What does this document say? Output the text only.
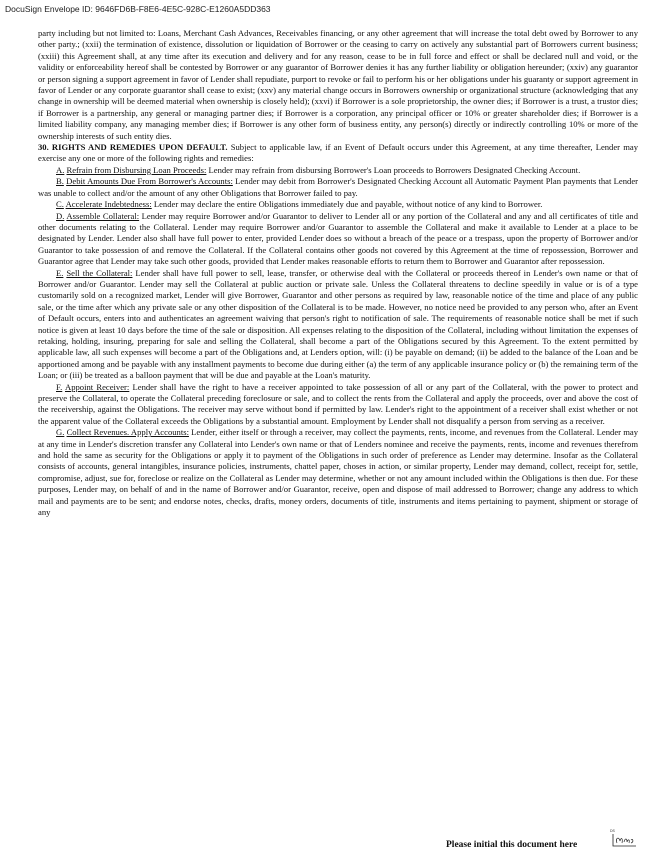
DocuSign Envelope ID: 9646FD6B-F8E6-4E5C-928C-E1260A5DD363

party including but not limited to: Loans, Merchant Cash Advances, Receivables financing, or any other agreement that will increase the total debt owed by Borrower to any other party.; (xxii) the termination of existence, dissolution or liquidation of Borrower or the ceasing to carry on actively any substantial part of Borrowers current business; (xxiii) this Agreement shall, at any time after its execution and delivery and for any reason, cease to be in full force and effect or shall be declared null and void, or the validity or enforceability hereof shall be contested by Borrower or any guarantor of Borrower denies it has any further liability or obligation hereunder; (xxiv) any guarantor or person signing a support agreement in favor of Lender shall repudiate, purport to revoke or fail to perform his or her obligations under his guaranty or support agreement in favor of Lender or any corporate guarantor shall cease to exist; (xxv) any material change occurs in Borrowers ownership or organizational structure (acknowledging that any change in ownership will be deemed material when ownership is closely held); (xxvi) if Borrower is a sole proprietorship, the owner dies; if Borrower is a trust, a trustor dies; if Borrower is a partnership, any general or managing partner dies; if Borrower is a corporation, any principal officer or 10% or greater shareholder dies; if Borrower is a limited liability company, any managing member dies; if Borrower is any other form of business entity, any person(s) directly or indirectly controlling 10% or more of the ownership interests of such entity dies.

30. RIGHTS AND REMEDIES UPON DEFAULT. Subject to applicable law, if an Event of Default occurs under this Agreement, at any time thereafter, Lender may exercise any one or more of the following rights and remedies:

A. Refrain from Disbursing Loan Proceeds: Lender may refrain from disbursing Borrower's Loan proceeds to Borrowers Designated Checking Account.

B. Debit Amounts Due From Borrower's Accounts: Lender may debit from Borrower's Designated Checking Account all Automatic Payment Plan payments that Lender was unable to collect and/or the amount of any other Obligations that Borrower failed to pay.

C. Accelerate Indebtedness: Lender may declare the entire Obligations immediately due and payable, without notice of any kind to Borrower.

D. Assemble Collateral: Lender may require Borrower and/or Guarantor to deliver to Lender all or any portion of the Collateral and any and all certificates of title and other documents relating to the Collateral. Lender may require Borrower and/or Guarantor to assemble the Collateral and make it available to Lender at a place to be designated by Lender. Lender also shall have full power to enter, provided Lender does so without a breach of the peace or a trespass, upon the property of Borrower and/or Guarantor to take possession of and remove the Collateral. If the Collateral contains other goods not covered by this Agreement at the time of repossession, Borrower and Guarantor agree that Lender may take such other goods, provided that Lender makes reasonable efforts to return them to Borrower and Guarantor after repossession.

E. Sell the Collateral: Lender shall have full power to sell, lease, transfer, or otherwise deal with the Collateral or proceeds thereof in Lender's own name or that of Borrower and/or Guarantor. Lender may sell the Collateral at public auction or private sale. Unless the Collateral threatens to decline speedily in value or is of a type customarily sold on a recognized market, Lender will give Borrower, Guarantor and other persons as required by law, reasonable notice of the time and place of any public sale, or the time after which any private sale or any other disposition of the Collateral is to be made. However, no notice need be provided to any person who, after an Event of Default occurs, enters into and authenticates an agreement waiving that person's right to notification of sale. The requirements of reasonable notice shall be met if such notice is given at least 10 days before the time of the sale or disposition. All expenses relating to the disposition of the Collateral, including without limitation the expenses of retaking, holding, insuring, preparing for sale and selling the Collateral, shall become a part of the Obligations secured by this Agreement. To the extent permitted by applicable law, all such expenses will become a part of the Obligations and, at Lenders option, will: (i) be payable on demand; (ii) be added to the balance of the Loan and be apportioned among and be payable with any installment payments to become due during either (a) the term of any applicable insurance policy or (b) the remaining term of the Loan; or (iii) be treated as a balloon payment that will be due and payable at the Loan's maturity.

F. Appoint Receiver: Lender shall have the right to have a receiver appointed to take possession of all or any part of the Collateral, with the power to protect and preserve the Collateral, to operate the Collateral preceding foreclosure or sale, and to collect the rents from the Collateral and apply the proceeds, over and above the cost of the receivership, against the Obligations. The receiver may serve without bond if permitted by law. Lender's right to the appointment of a receiver shall exist whether or not the apparent value of the Collateral exceeds the Obligations by a substantial amount. Employment by Lender shall not disqualify a person from serving as a receiver.

G. Collect Revenues. Apply Accounts: Lender, either itself or through a receiver, may collect the payments, rents, income, and revenues from the Collateral. Lender may at any time in Lender's discretion transfer any Collateral into Lender's own name or that of Lenders nominee and receive the payments, rents, income and revenues therefrom and hold the same as security for the Obligations or apply it to payment of the Obligations in such order of preference as Lender may determine. Insofar as the Collateral consists of accounts, general intangibles, insurance policies, instruments, chattel paper, choses in action, or similar property, Lender may demand, collect, receipt for, settle, compromise, adjust, sue for, foreclose or realize on the Collateral as Lender may determine, whether or not any amount included within the Obligations is then due. For these purposes, Lender may, on behalf of and in the name of Borrower and/or Guarantor, receive, open and dispose of mail addressed to Borrower; change any address to which mail and payments are to be sent; and endorse notes, checks, drafts, money orders, documents of title, instruments and items pertaining to payment, shipment or storage of any

Please initial this document here
DS
